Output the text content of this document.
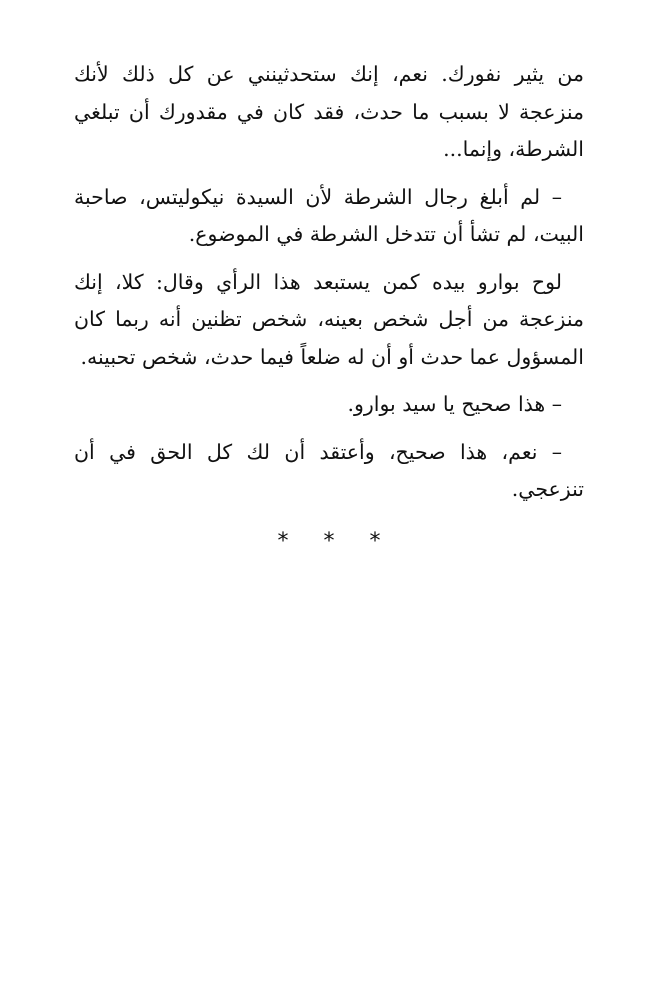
من يثير نفورك. نعم، إنك ستحدثينني عن كل ذلك لأنك منزعجة لا بسبب ما حدث، فقد كان في مقدورك أن تبلغي الشرطة، وإنما...

– لم أبلغ رجال الشرطة لأن السيدة نيكوليتس، صاحبة البيت، لم تشأ أن تتدخل الشرطة في الموضوع.

لوح بوارو بيده كمن يستبعد هذا الرأي وقال: كلا، إنك منزعجة من أجل شخص بعينه، شخص تظنين أنه ربما كان المسؤول عما حدث أو أن له ضلعاً فيما حدث، شخص تحبينه.

– هذا صحيح يا سيد بوارو.

– نعم، هذا صحيح، وأعتقد أن لك كل الحق في أن تنزعجي.

* * *
